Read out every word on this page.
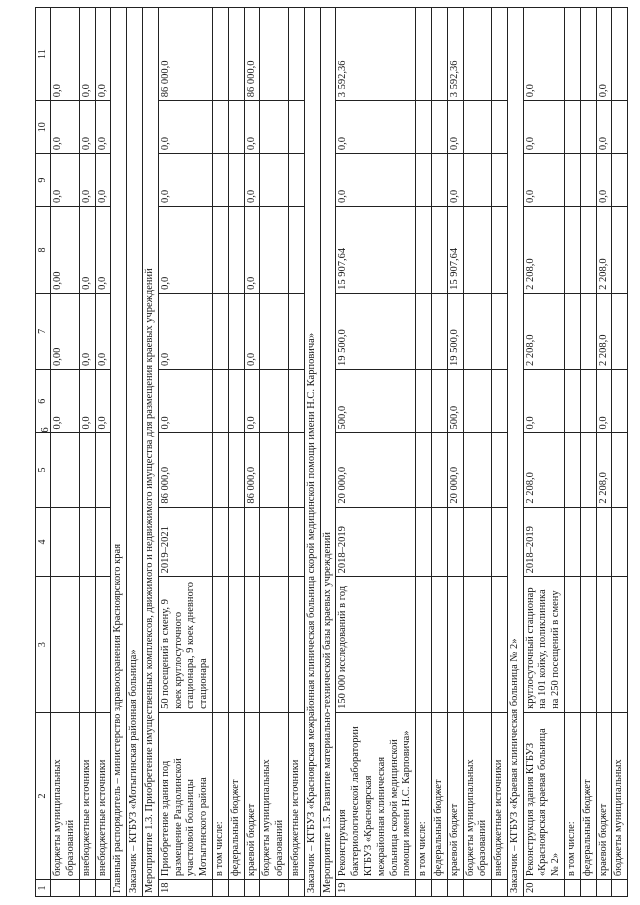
6
1	2	3	4	5	6	7	8	9	10	11
	бюджеты муниципальных образований				0,0	0,00	0,00	0,0	0,0	0,0
	внебюджетные источники				0,0	0,0	0,0	0,0	0,0	0,0
	внебюджетные источники				0,0	0,0	0,0	0,0	0,0	0,0
Главный распорядитель – министерство здравоохранения Красноярского края										
Заказчик – КГБУЗ «Мотыгинская районная больница»										
Мероприятие 1.3. Приобретение имущественных комплексов, движимого и недвижимого имущества для размещения краевых учреждений										
18	Приобретение здания под размещение Раздолинской участковой больницы Мотыгинского района	50 посещений в смену, 9 коек круглосуточного стационара, 9 коек дневного стационара	2019–2021	86 000,0	0,0	0,0	0,0	0,0	0,0	86 000,0
	в том числе:									
	федеральный бюджет									
	краевой бюджет			86 000,0	0,0	0,0	0,0	0,0	0,0	86 000,0
	бюджеты муниципальных образований									
	внебюджетные источники									
Заказчик – КГБУЗ «Красноярская межрайонная клиническая больница скорой медицинской помощи имени Н.С. Карповича»										
Мероприятие 1.5. Развитие материально-технической базы краевых учреждений										
19	Реконструкция бактериологической лаборатории КГБУЗ «Красноярская межрайонная клиническая больница скорой медицинской помощи имени Н.С. Карповича»	150 000 исследований в год	2018–2019	20 000,0	500,0	19 500,0	15 907,64	0,0	0,0	3 592,36
	в том числе:									
	федеральный бюджет									
	краевой бюджет			20 000,0	500,0	19 500,0	15 907,64	0,0	0,0	3 592,36
	бюджеты муниципальных образований									
	внебюджетные источники									
Заказчик – КГБУЗ «Краевая клиническая больница № 2»										
20	Реконструкция здания КГБУЗ «Красноярская краевая больница № 2»	круглосуточный стационар на 101 койку, поликлиника на 250 посещений в смену	2018–2019	2 208,0	0,0	2 208,0	2 208,0	0,0	0,0	0,0
	в том числе:									
	федеральный бюджет									
	краевой бюджет			2 208,0	0,0	2 208,0	2 208,0	0,0	0,0	0,0
	бюджеты муниципальных									
